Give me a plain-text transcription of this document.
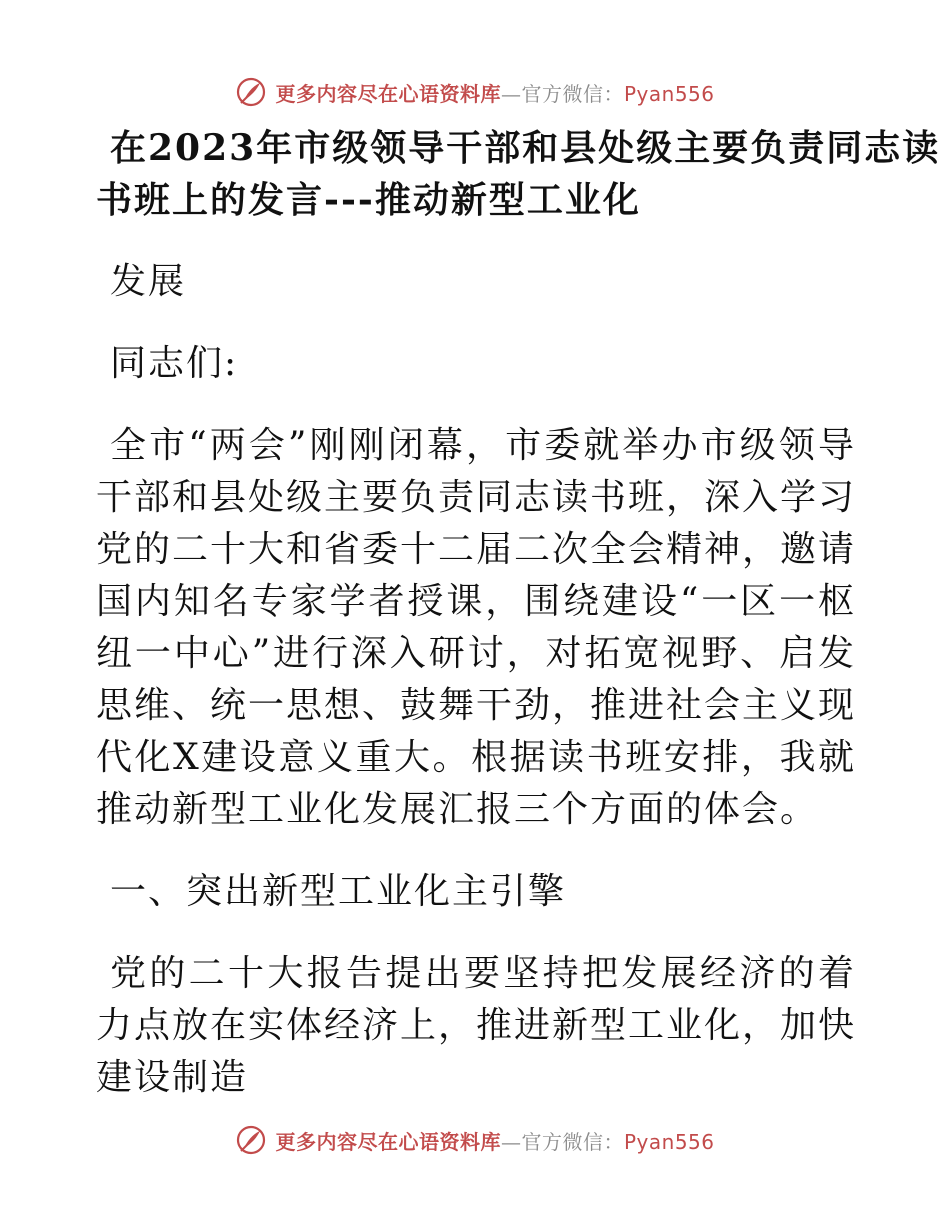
更多内容尽在心语资料库—官方微信：Pyan556
在2023年市级领导干部和县处级主要负责同志读
书班上的发言---推动新型工业化

发展

同志们:

全市“两会”刚刚闭幕，市委就举办市级领导干部和县处级主要负责同志读书班，深入学习党的二十大和省委十二届二次全会精神，邀请国内知名专家学者授课，围绕建设“一区一枢纽一中心”进行深入研讨，对拓宽视野、启发思维、统一思想、鼓舞干劲，推进社会主义现代化X建设意义重大。根据读书班安排，我就推动新型工业化发展汇报三个方面的体会。

一、突出新型工业化主引擎

党的二十大报告提出要坚持把发展经济的着力点放在实体经济上，推进新型工业化，加快建设制造

更多内容尽在心语资料库—官方微信：Pyan556
